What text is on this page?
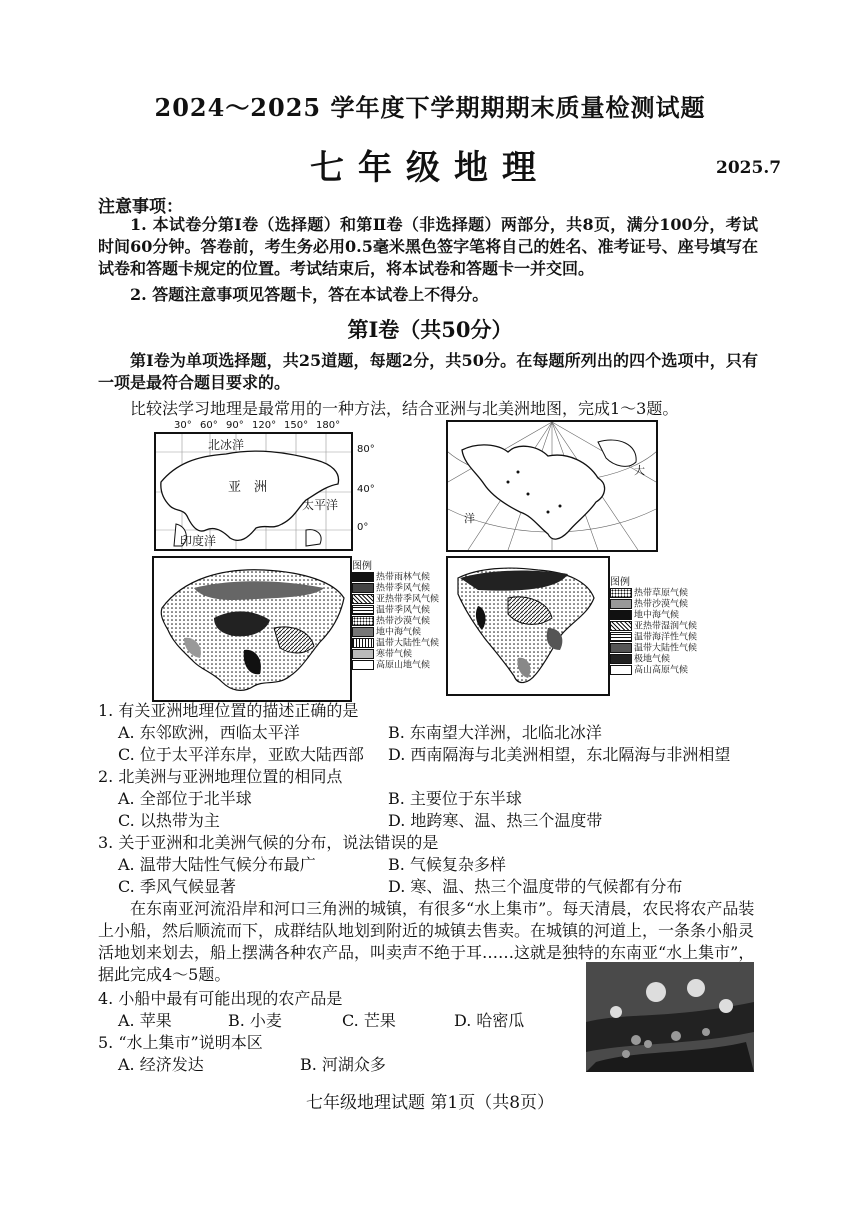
2024～2025 学年度下学期期期末质量检测试题
七年级地理	2025.7
注意事项：
1. 本试卷分第Ⅰ卷（选择题）和第Ⅱ卷（非选择题）两部分，共8页，满分100分，考试时间60分钟。答卷前，考生务必用0.5毫米黑色签字笔将自己的姓名、准考证号、座号填写在试卷和答题卡规定的位置。考试结束后，将本试卷和答题卡一并交回。
2. 答题注意事项见答题卡，答在本试卷上不得分。
第Ⅰ卷（共50分）
第Ⅰ卷为单项选择题，共25道题，每题2分，共50分。在每题所列出的四个选项中，只有一项是最符合题目要求的。
比较法学习地理是最常用的一种方法，结合亚洲与北美洲地图，完成1～3题。
30° 60° 90° 120° 150° 180°
北冰洋
亚　洲
太平洋
印度洋
80°
40°
0°
大
洋
图例
热带雨林气候
热带季风气候
亚热带季风气候
温带季风气候
热带沙漠气候
地中海气候
温带大陆性气候
寒带气候
高原山地气候
图例
热带草原气候
热带沙漠气候
地中海气候
亚热带湿润气候
温带海洋性气候
温带大陆性气候
极地气候
高山高原气候
1. 有关亚洲地理位置的描述正确的是
A. 东邻欧洲，西临太平洋	B. 东南望大洋洲，北临北冰洋
C. 位于太平洋东岸，亚欧大陆西部 D. 西南隔海与北美洲相望，东北隔海与非洲相望
2. 北美洲与亚洲地理位置的相同点
A. 全部位于北半球	B. 主要位于东半球
C. 以热带为主	D. 地跨寒、温、热三个温度带
3. 关于亚洲和北美洲气候的分布，说法错误的是
A. 温带大陆性气候分布最广	B. 气候复杂多样
C. 季风气候显著	D. 寒、温、热三个温度带的气候都有分布
在东南亚河流沿岸和河口三角洲的城镇，有很多“水上集市”。每天清晨，农民将农产品装上小船，然后顺流而下，成群结队地划到附近的城镇去售卖。在城镇的河道上，一条条小船灵活地划来划去，船上摆满各种农产品，叫卖声不绝于耳……这就是独特的东南亚“水上集市”，据此完成4～5题。
4. 小船中最有可能出现的农产品是
A. 苹果	B. 小麦	C. 芒果	D. 哈密瓜
5. “水上集市”说明本区
A. 经济发达	B. 河湖众多
七年级地理试题 第1页（共8页）
